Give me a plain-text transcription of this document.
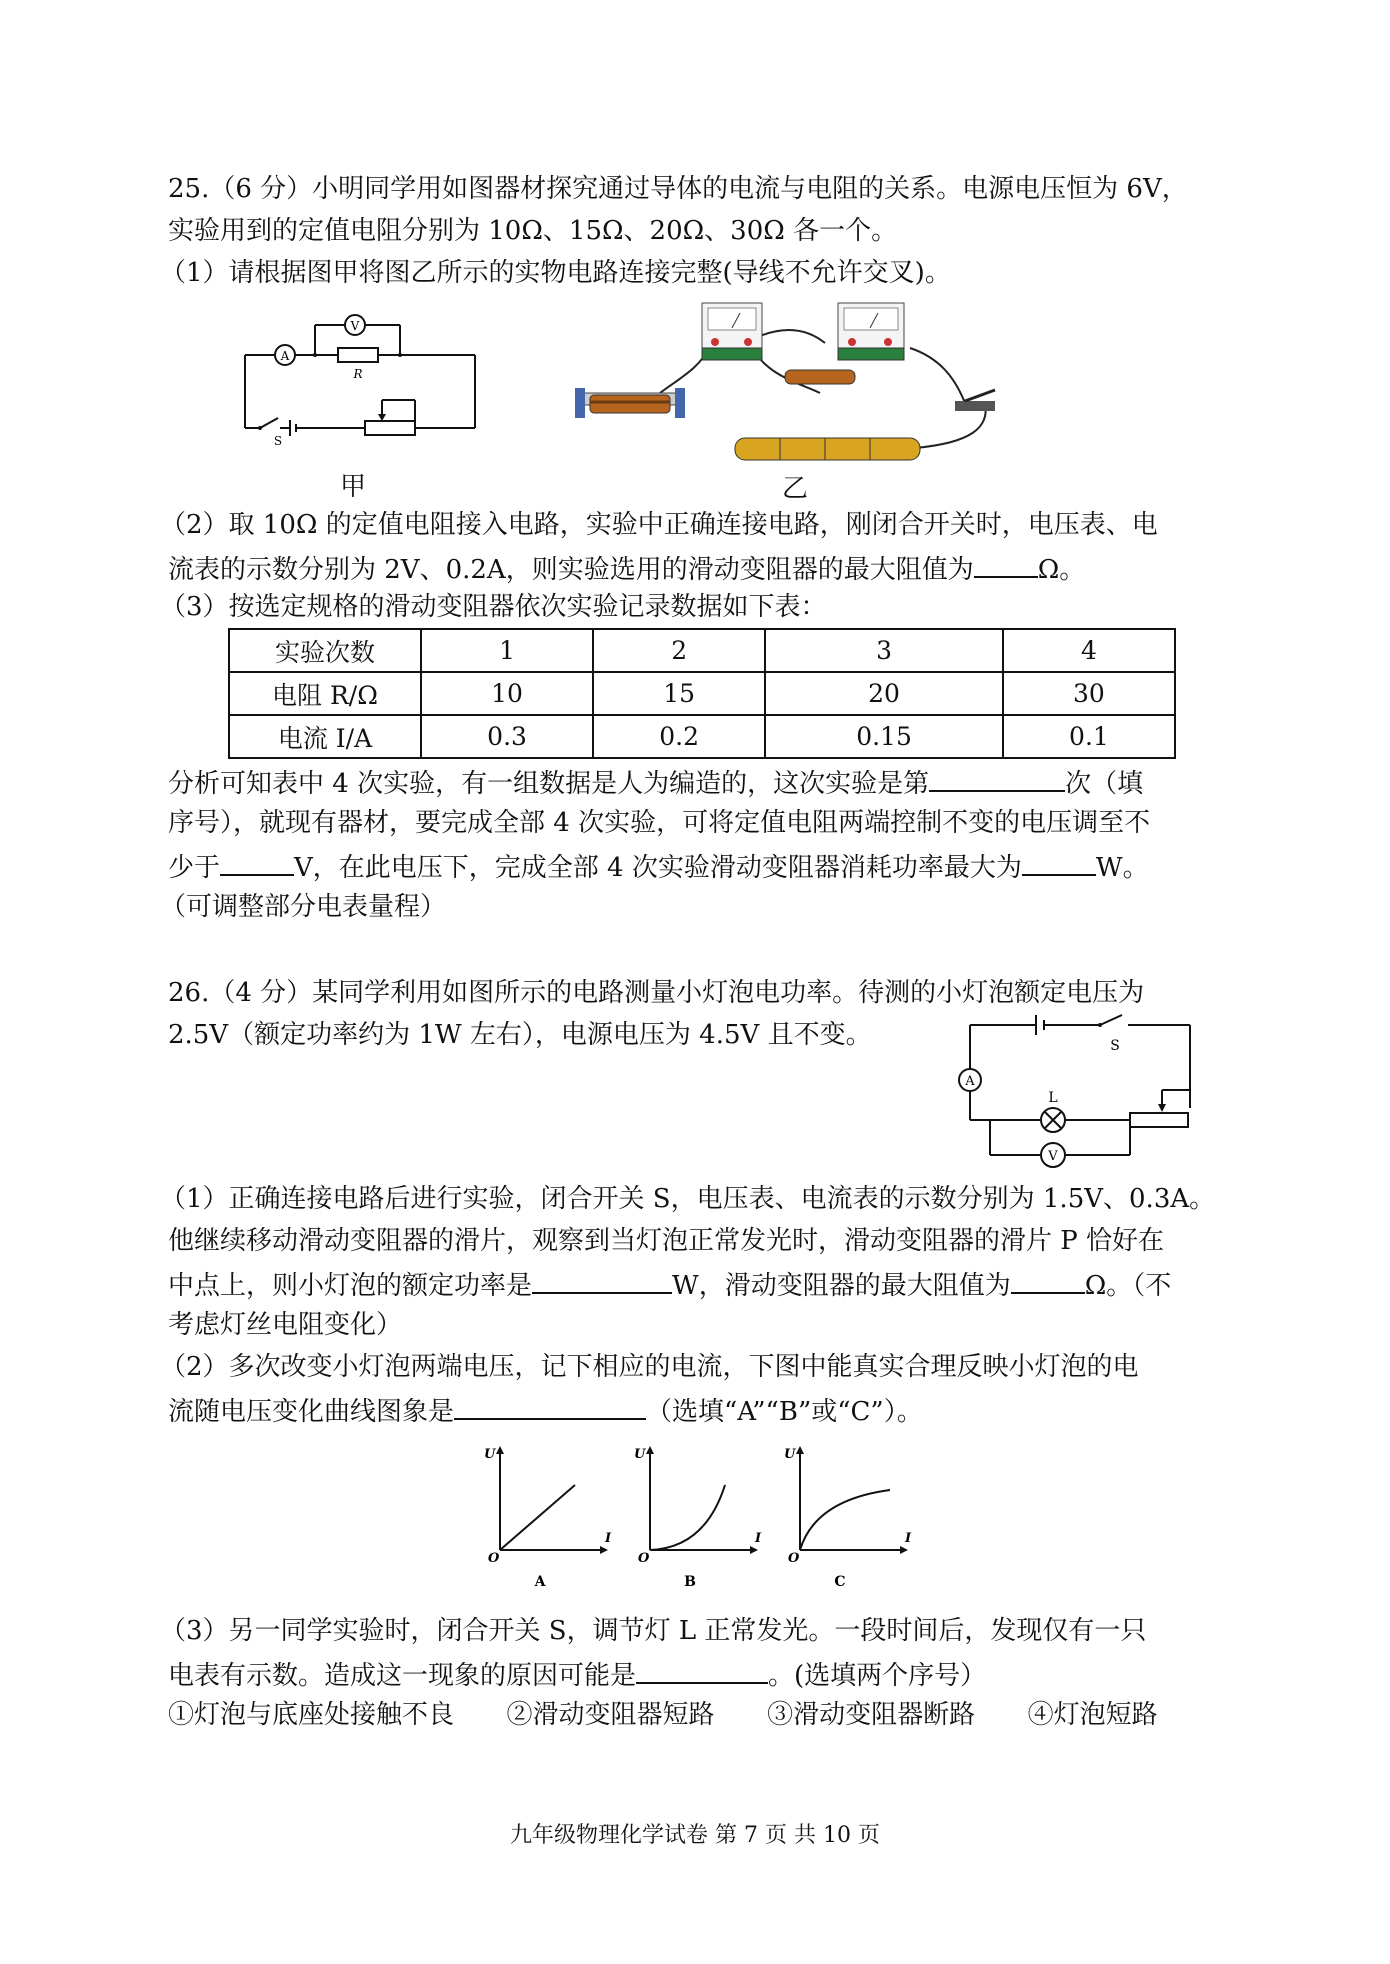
25.（6 分）小明同学用如图器材探究通过导体的电流与电阻的关系。电源电压恒为 6V，
实验用到的定值电阻分别为 10Ω、15Ω、20Ω、30Ω 各一个。
（1）请根据图甲将图乙所示的实物电路连接完整(导线不允许交叉)。
A
V
R
S
甲	乙
（2）取 10Ω 的定值电阻接入电路，实验中正确连接电路，刚闭合开关时，电压表、电
流表的示数分别为 2V、0.2A，则实验选用的滑动变阻器的最大阻值为 Ω。
（3）按选定规格的滑动变阻器依次实验记录数据如下表：
实验次数	1	2	3	4
电阻 R/Ω	10	15	20	30
电流 I/A	0.3	0.2	0.15	0.1
分析可知表中 4 次实验，有一组数据是人为编造的，这次实验是第	次（填
序号），就现有器材，要完成全部 4 次实验，可将定值电阻两端控制不变的电压调至不
少于	V，在此电压下，完成全部 4 次实验滑动变阻器消耗功率最大为	W。
（可调整部分电表量程）
26.（4 分）某同学利用如图所示的电路测量小灯泡电功率。待测的小灯泡额定电压为
2.5V（额定功率约为 1W 左右），电源电压为 4.5V 且不变。
A
V
L
S
（1）正确连接电路后进行实验，闭合开关 S，电压表、电流表的示数分别为 1.5V、0.3A。
他继续移动滑动变阻器的滑片，观察到当灯泡正常发光时，滑动变阻器的滑片 P 恰好在
中点上，则小灯泡的额定功率是	W，滑动变阻器的最大阻值为	Ω。（不
考虑灯丝电阻变化）
（2）多次改变小灯泡两端电压，记下相应的电流，下图中能真实合理反映小灯泡的电
流随电压变化曲线图象是	（选填“A”“B”或“C”）。
U
I
O
U
I
O
U
I
O
A	B	C
（3）另一同学实验时，闭合开关 S，调节灯 L 正常发光。一段时间后，发现仅有一只
电表有示数。造成这一现象的原因可能是	。(选填两个序号）
①灯泡与底座处接触不良 ②滑动变阻器短路 ③滑动变阻器断路 ④灯泡短路
九年级物理化学试卷 第 7 页 共 10 页
